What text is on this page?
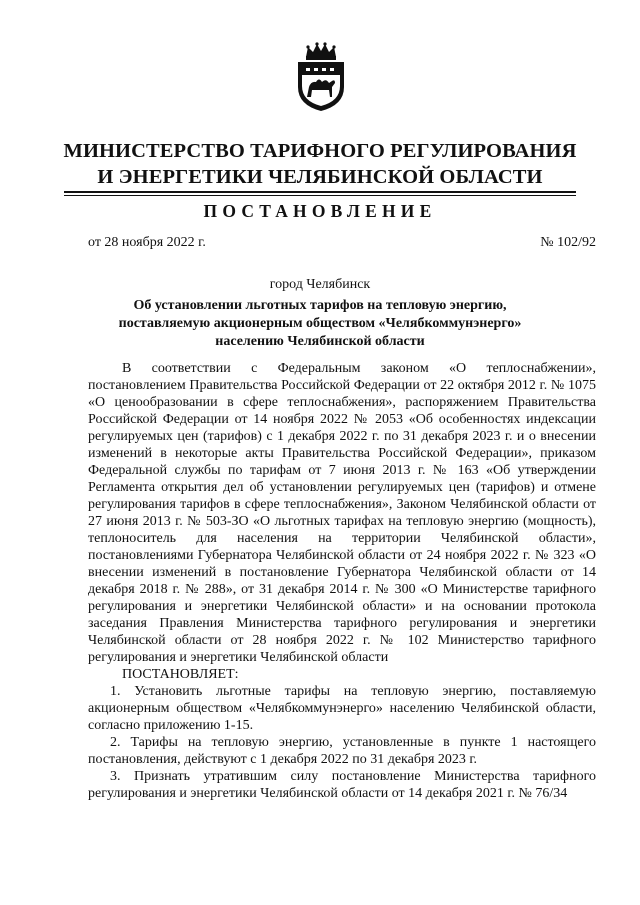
МИНИСТЕРСТВО ТАРИФНОГО РЕГУЛИРОВАНИЯ
И ЭНЕРГЕТИКИ ЧЕЛЯБИНСКОЙ ОБЛАСТИ
ПОСТАНОВЛЕНИЕ
от 28 ноября 2022 г.	№ 102/92
город Челябинск
Об установлении льготных тарифов на тепловую энергию,
поставляемую акционерным обществом «Челябкоммунэнерго»
населению Челябинской области

В соответствии с Федеральным законом «О теплоснабжении», постановлением Правительства Российской Федерации от 22 октября 2012 г. № 1075 «О ценообразовании в сфере теплоснабжения», распоряжением Правительства Российской Федерации от 14 ноября 2022 № 2053 «Об особенностях индексации регулируемых цен (тарифов) с 1 декабря 2022 г. по 31 декабря 2023 г. и о внесении изменений в некоторые акты Правительства Российской Федерации», приказом Федеральной службы по тарифам от 7 июня 2013 г. № 163 «Об утверждении Регламента открытия дел об установлении регулируемых цен (тарифов) и отмене регулирования тарифов в сфере теплоснабжения», Законом Челябинской области от 27 июня 2013 г. № 503-ЗО «О льготных тарифах на тепловую энергию (мощность), теплоноситель для населения на территории Челябинской области», постановлениями Губернатора Челябинской области от 24 ноября 2022 г. № 323 «О внесении изменений в постановление Губернатора Челябинской области от 14 декабря 2018 г. № 288», от 31 декабря 2014 г. № 300 «О Министерстве тарифного регулирования и энергетики Челябинской области» и на основании протокола заседания Правления Министерства тарифного регулирования и энергетики Челябинской области от 28 ноября 2022 г. № 102 Министерство тарифного регулирования и энергетики Челябинской области

ПОСТАНОВЛЯЕТ:

1. Установить льготные тарифы на тепловую энергию, поставляемую акционерным обществом «Челябкоммунэнерго» населению Челябинской области, согласно приложению 1-15.

2. Тарифы на тепловую энергию, установленные в пункте 1 настоящего постановления, действуют с 1 декабря 2022 по 31 декабря 2023 г.

3. Признать утратившим силу постановление Министерства тарифного регулирования и энергетики Челябинской области от 14 декабря 2021 г. № 76/34
